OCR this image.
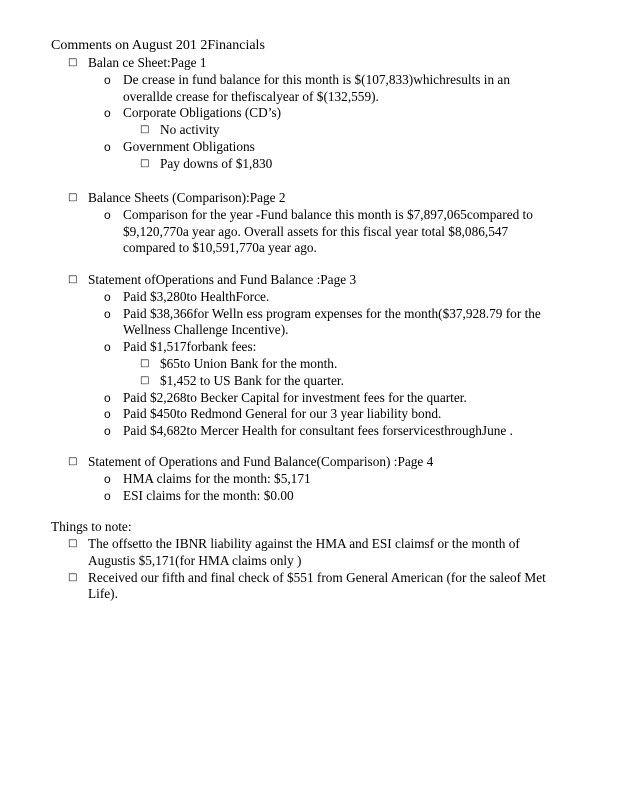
Comments on August 201 2Financials
□ Balan ce Sheet:Page 1
o De crease in fund balance for this month is $(107,833)whichresults in an overallde crease for thefiscalyear of $(132,559).
o Corporate Obligations (CD’s)
□ No activity
o Government Obligations
□ Pay downs of $1,830
□ Balance Sheets (Comparison):Page 2
o Comparison for the year -Fund balance this month is $7,897,065compared to $9,120,770a year ago. Overall assets for this fiscal year total $8,086,547 compared to $10,591,770a year ago.
□ Statement ofOperations and Fund Balance :Page 3
o Paid $3,280to HealthForce.
o Paid $38,366for Welln ess program expenses for the month($37,928.79 for the Wellness Challenge Incentive).
o Paid $1,517forbank fees:
□ $65to Union Bank for the month.
□ $1,452 to US Bank for the quarter.
o Paid $2,268to Becker Capital for investment fees for the quarter.
o Paid $450to Redmond General for our 3 year liability bond.
o Paid $4,682to Mercer Health for consultant fees forservicesthroughJune .
□ Statement of Operations and Fund Balance(Comparison) :Page 4
o HMA claims for the month: $5,171
o ESI claims for the month: $0.00
Things to note:
□ The offsetto the IBNR liability against the HMA and ESI claimsf or the month of Augustis $5,171(for HMA claims only )
□ Received our fifth and final check of $551 from General American (for the saleof Met Life).
